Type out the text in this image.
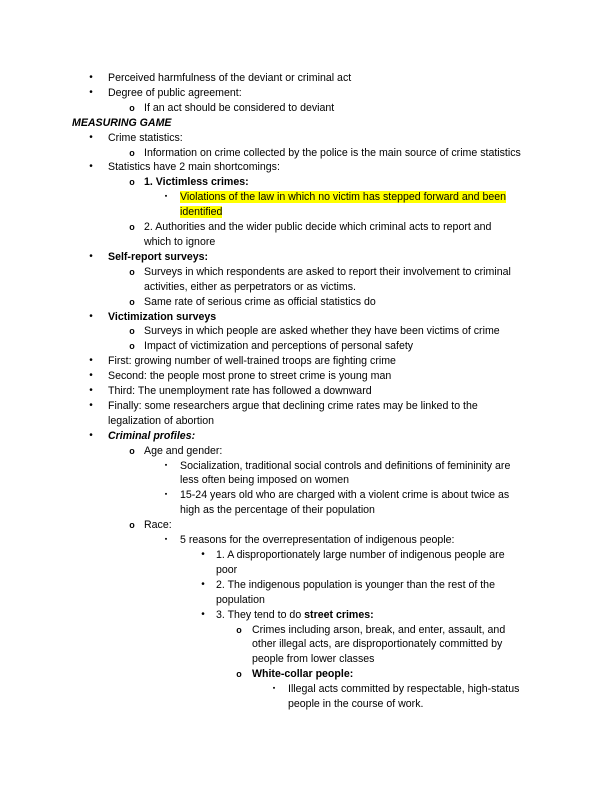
•	Perceived harmfulness of the deviant or criminal act
•	Degree of public agreement:
o If an act should be considered to deviant
MEASURING GAME
•	Crime statistics:
o Information on crime collected by the police is the main source of crime statistics
•	Statistics have 2 main shortcomings:
o 1. Victimless crimes:
▪	Violations of the law in which no victim has stepped forward and been
identified
o 2. Authorities and the wider public decide which criminal acts to report and
which to ignore
•	Self-report surveys:
o Surveys in which respondents are asked to report their involvement to criminal
activities, either as perpetrators or as victims.
o Same rate of serious crime as official statistics do
•	Victimization surveys
o Surveys in which people are asked whether they have been victims of crime
o Impact of victimization and perceptions of personal safety
•	First: growing number of well-trained troops are fighting crime
•	Second: the people most prone to street crime is young man
•	Third: The unemployment rate has followed a downward
•	Finally: some researchers argue that declining crime rates may be linked to the
legalization of abortion
•	Criminal profiles:
o Age and gender:
▪	Socialization, traditional social controls and definitions of femininity are
less often being imposed on women
▪	15-24 years old who are charged with a violent crime is about twice as
high as the percentage of their population
o Race:
▪	5 reasons for the overrepresentation of indigenous people:
•	1. A disproportionately large number of indigenous people are
poor
•	2. The indigenous population is younger than the rest of the
population
•	3. They tend to do street crimes:
o Crimes including arson, break, and enter, assault, and
other illegal acts, are disproportionately committed by
people from lower classes
o White-collar people:
▪	Illegal acts committed by respectable, high-status
people in the course of work.
